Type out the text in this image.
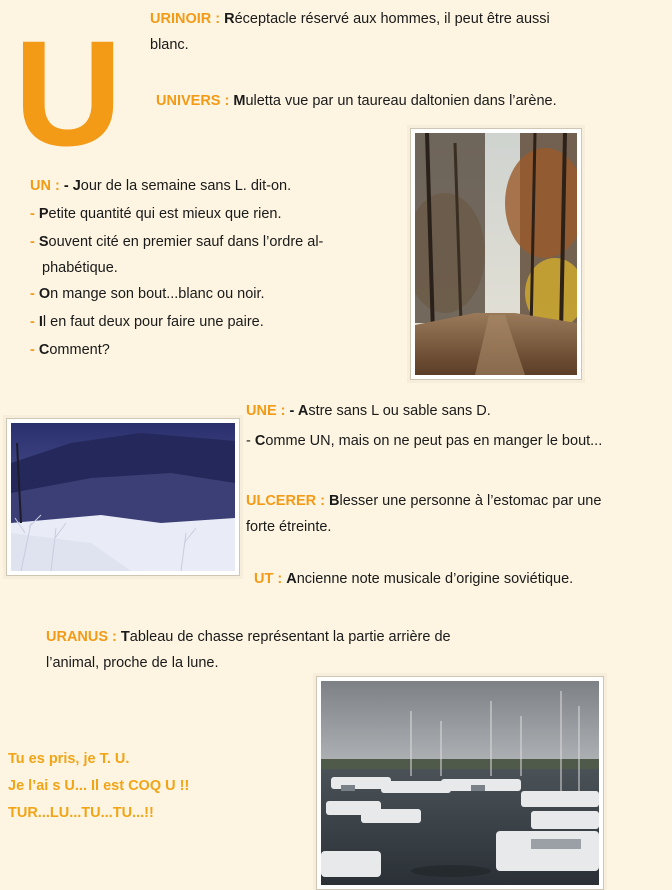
U URINOIR : Réceptacle réservé aux hommes, il peut être aussi
blanc.
UNIVERS : Muletta vue par un taureau daltonien dans l’arène.
UN : - Jour de la semaine sans L. dit-on.
- Petite quantité qui est mieux que rien.
- Souvent cité en premier sauf dans l’ordre al-
phabétique.
- On mange son bout...blanc ou noir.
- Il en faut deux pour faire une paire.
- Comment?
UNE : - Astre sans L ou sable sans D.
- Comme UN, mais on ne peut pas en manger le bout...
ULCERER : Blesser une personne à l’estomac par une
forte étreinte.
UT : Ancienne note musicale d’origine soviétique.
URANUS : Tableau de chasse représentant la partie arrière de
l’animal, proche de la lune.
Tu es pris, je T. U.
Je l’ai s U... Il est COQ U !!
TUR...LU...TU...TU...!!
